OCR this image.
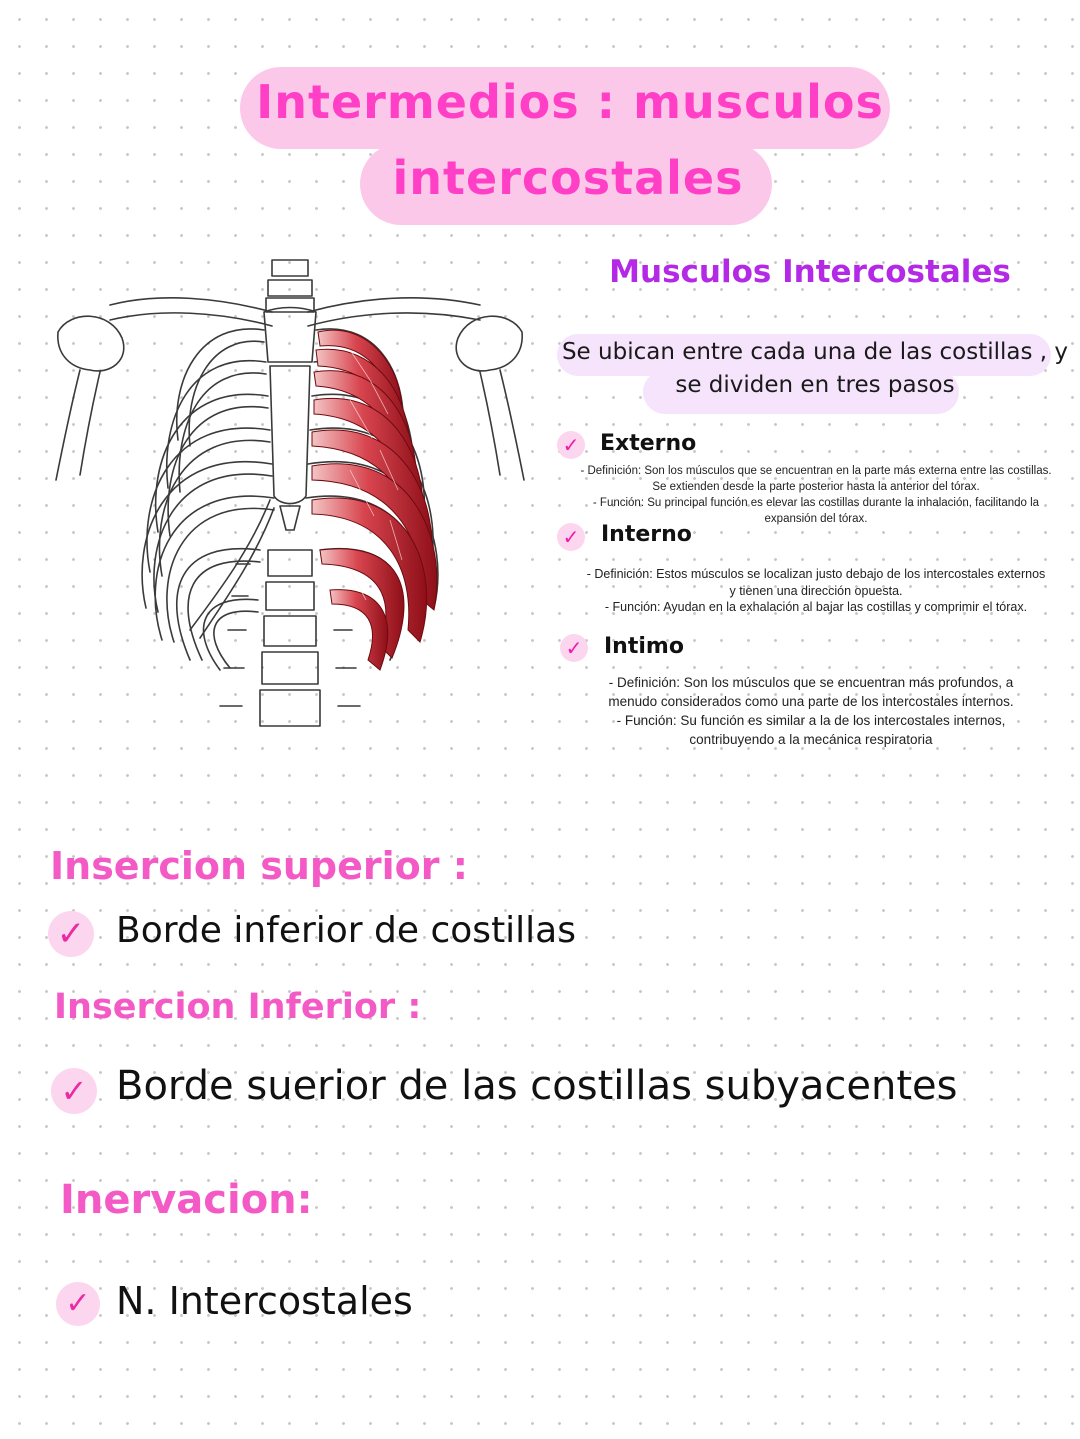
Intermedios : musculos
intercostales
Musculos Intercostales
Se ubican entre cada una de las costillas , y
se dividen en tres pasos
✓ Externo

- Definición: Son los músculos que se encuentran en la parte más externa entre las costillas.

Se extienden desde la parte posterior hasta la anterior del tórax.

- Función: Su principal función es elevar las costillas durante la inhalación, facilitando la

expansión del tórax.

✓ Interno

- Definición: Estos músculos se localizan justo debajo de los intercostales externos

y tienen una dirección opuesta.

- Función: Ayudan en la exhalación al bajar las costillas y comprimir el tórax.

✓ Intimo

- Definición: Son los músculos que se encuentran más profundos, a

menudo considerados como una parte de los intercostales internos.

- Función: Su función es similar a la de los intercostales internos,

contribuyendo a la mecánica respiratoria

Insercion superior :
✓ Borde inferior de costillas
Insercion Inferior :
✓ Borde suerior de las costillas subyacentes
Inervacion:
✓ N. Intercostales
